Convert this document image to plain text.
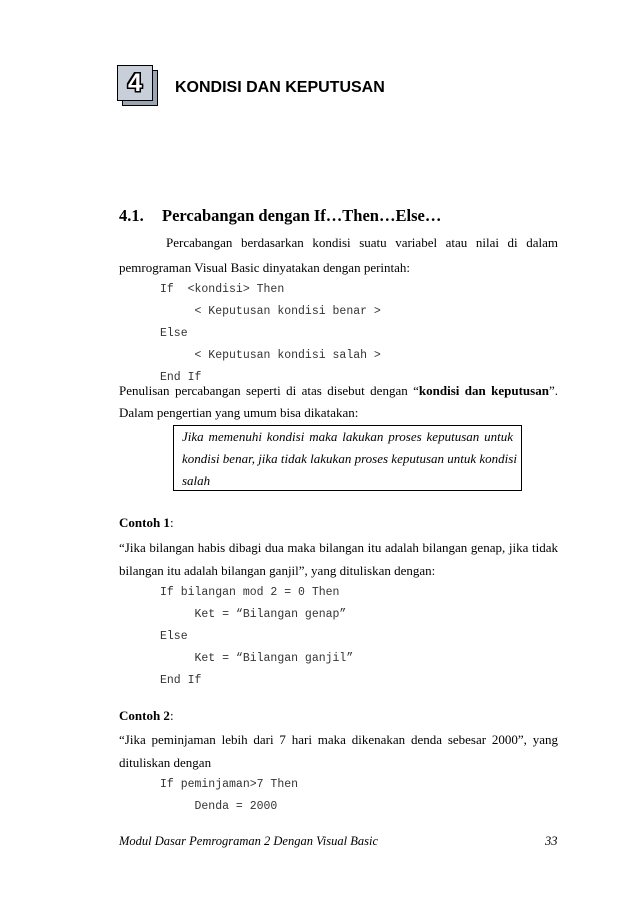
4 KONDISI DAN KEPUTUSAN
4.1. Percabangan dengan If…Then…Else…
Percabangan berdasarkan kondisi suatu variabel atau nilai di dalam
pemrograman Visual Basic dinyatakan dengan perintah:
If  <kondisi> Then
< Keputusan kondisi benar >
Else
< Keputusan kondisi salah >
End If
Penulisan percabangan seperti di atas disebut dengan “kondisi dan keputusan”.
Dalam pengertian yang umum bisa dikatakan:
Jika memenuhi kondisi maka lakukan proses keputusan untuk
kondisi benar, jika tidak lakukan proses keputusan untuk kondisi
salah
Contoh 1:
“Jika bilangan habis dibagi dua maka bilangan itu adalah bilangan genap, jika tidak
bilangan itu adalah bilangan ganjil”, yang dituliskan dengan:
If bilangan mod 2 = 0 Then
Ket = “Bilangan genap”
Else
Ket = “Bilangan ganjil”
End If
Contoh 2:
“Jika peminjaman lebih dari 7 hari maka dikenakan denda sebesar 2000”, yang
dituliskan dengan
If peminjaman>7 Then
Denda = 2000
Modul Dasar Pemrograman 2 Dengan Visual Basic	33
